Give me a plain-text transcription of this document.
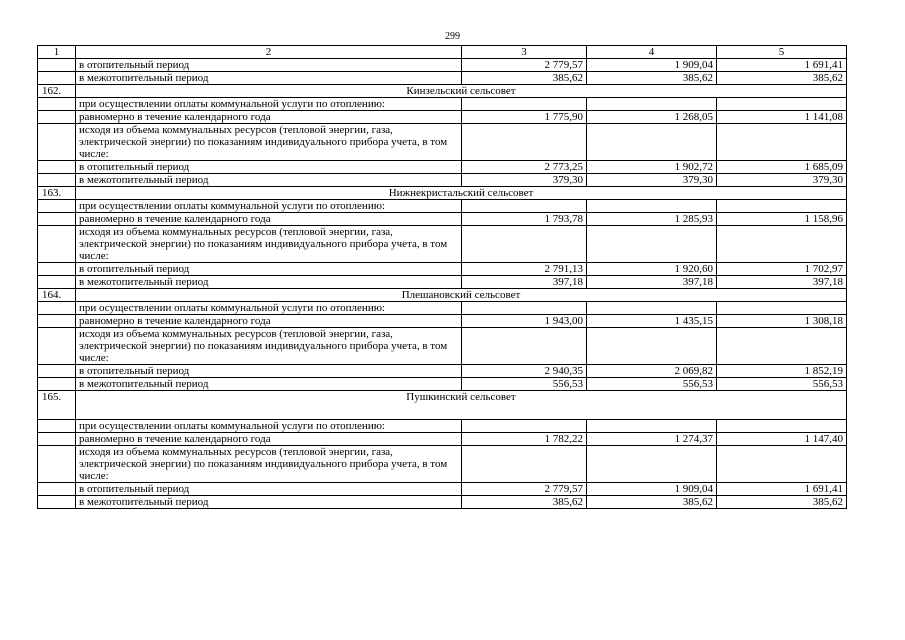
299
1	2	3	4	5
	в отопительный период	2 779,57	1 909,04	1 691,41
	в межотопительный период	385,62	385,62	385,62
162.	Кинзельский сельсовет			
	при осуществлении оплаты коммунальной услуги по отоплению:			
	равномерно в течение календарного года	1 775,90	1 268,05	1 141,08
	исходя из объема коммунальных ресурсов (тепловой энергии, газа, электрической энергии) по показаниям индивидуального прибора учета, в том числе:			
	в отопительный период	2 773,25	1 902,72	1 685,09
	в межотопительный период	379,30	379,30	379,30
163.	Нижнекристальский сельсовет			
	при осуществлении оплаты коммунальной услуги по отоплению:			
	равномерно в течение календарного года	1 793,78	1 285,93	1 158,96
	исходя из объема коммунальных ресурсов (тепловой энергии, газа, электрической энергии) по показаниям индивидуального прибора учета, в том числе:			
	в отопительный период	2 791,13	1 920,60	1 702,97
	в межотопительный период	397,18	397,18	397,18
164.	Плешановский сельсовет			
	при осуществлении оплаты коммунальной услуги по отоплению:			
	равномерно в течение календарного года	1 943,00	1 435,15	1 308,18
	исходя из объема коммунальных ресурсов (тепловой энергии, газа, электрической энергии) по показаниям индивидуального прибора учета, в том числе:			
	в отопительный период	2 940,35	2 069,82	1 852,19
	в межотопительный период	556,53	556,53	556,53
165.	Пушкинский сельсовет			
	при осуществлении оплаты коммунальной услуги по отоплению:			
	равномерно в течение календарного года	1 782,22	1 274,37	1 147,40
	исходя из объема коммунальных ресурсов (тепловой энергии, газа, электрической энергии) по показаниям индивидуального прибора учета, в том числе:			
	в отопительный период	2 779,57	1 909,04	1 691,41
	в межотопительный период	385,62	385,62	385,62
